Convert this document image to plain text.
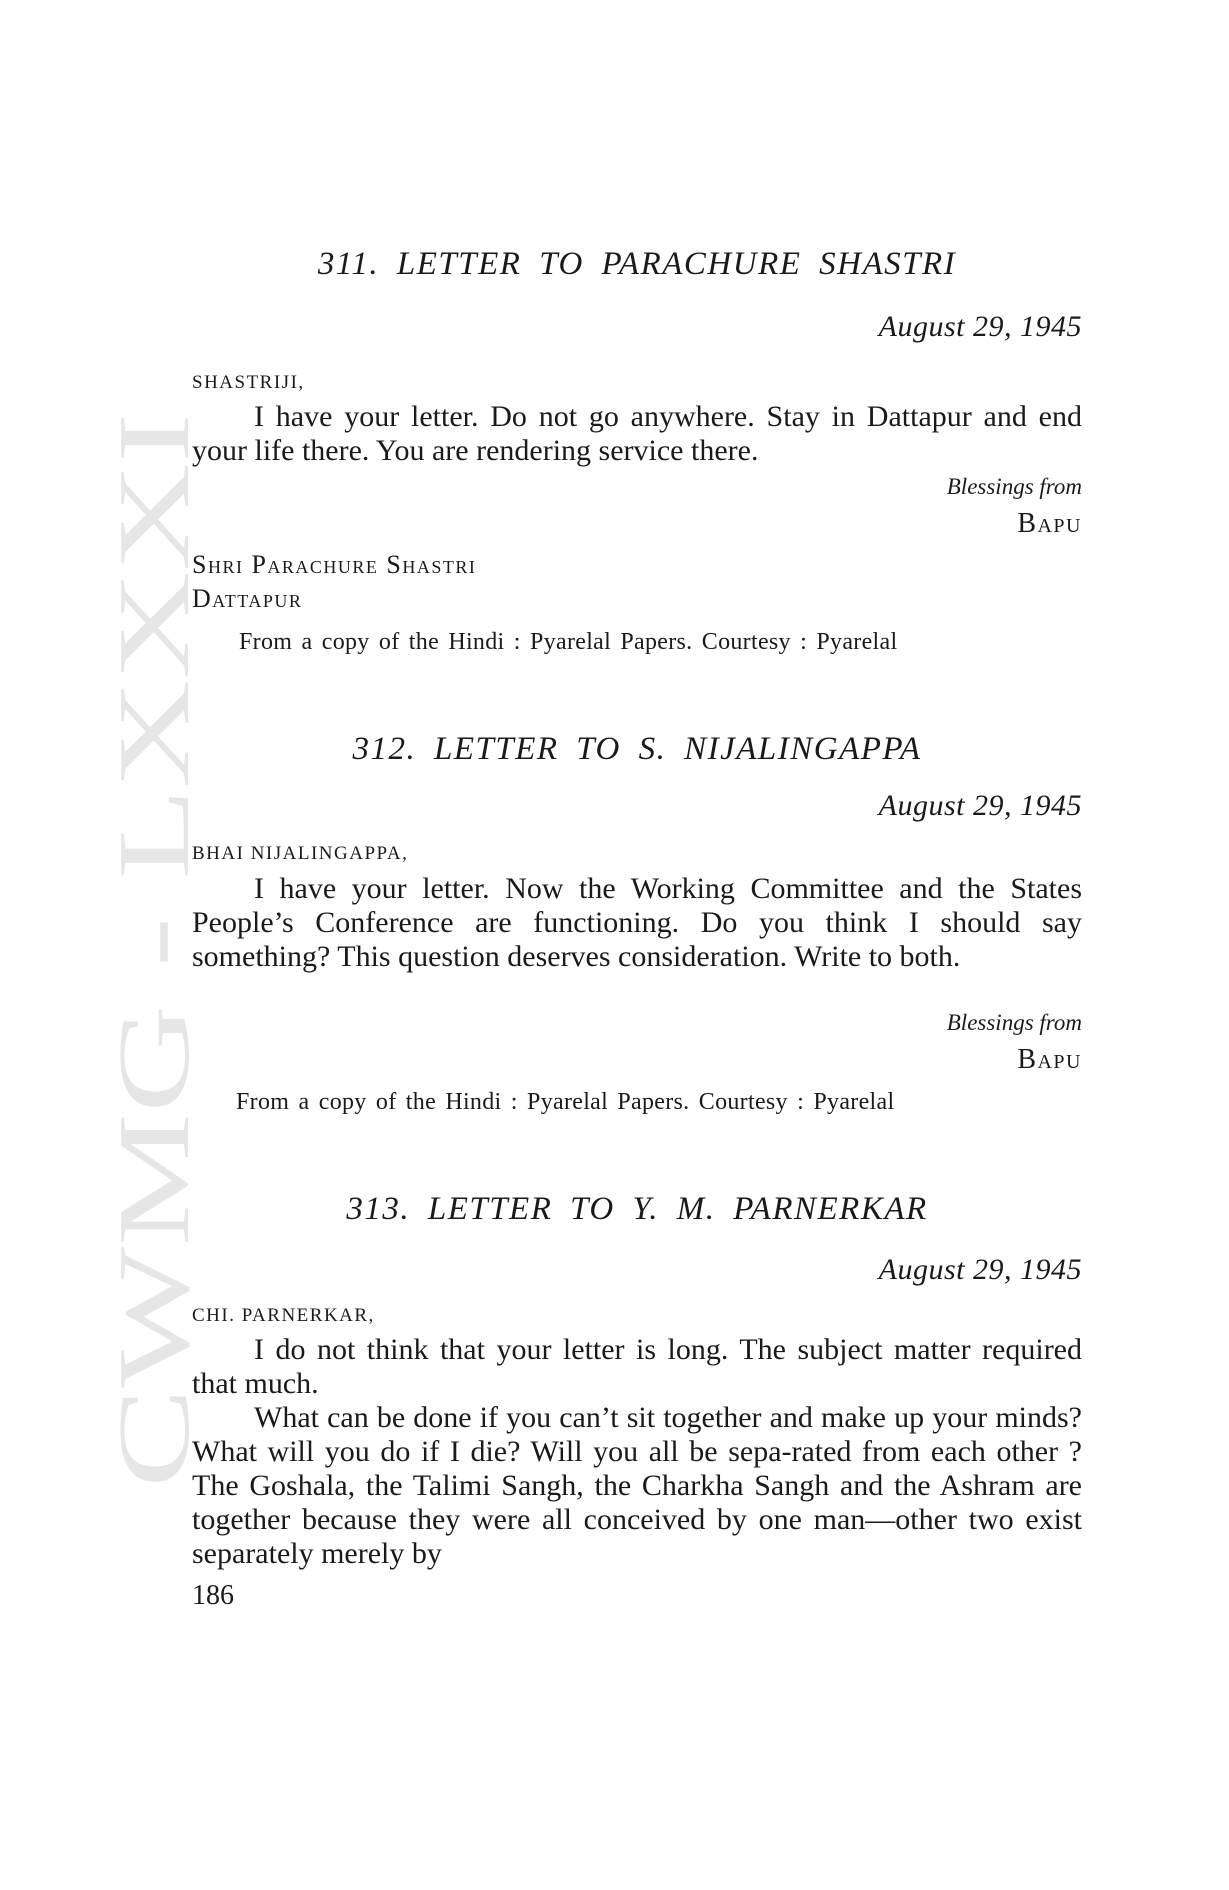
CWMG - LXXXI
311. LETTER TO PARACHURE SHASTRI
August 29, 1945
SHASTRIJI,

I have your letter. Do not go anywhere. Stay in Dattapur and end your life there. You are rendering service there.

Blessings from
Bapu
Shri Parachure Shastri
Dattapur
From a copy of the Hindi : Pyarelal Papers. Courtesy : Pyarelal
312. LETTER TO S. NIJALINGAPPA
August 29, 1945
BHAI NIJALINGAPPA,

I have your letter. Now the Working Committee and the States People’s Conference are functioning. Do you think I should say something? This question deserves consideration. Write to both.

Blessings from
Bapu
From a copy of the Hindi : Pyarelal Papers. Courtesy : Pyarelal
313. LETTER TO Y. M. PARNERKAR
August 29, 1945
CHI. PARNERKAR,

I do not think that your letter is long. The subject matter required that much.

What can be done if you can’t sit together and make up your minds? What will you do if I die? Will you all be sepa-rated from each other ? The Goshala, the Talimi Sangh, the Charkha Sangh and the Ashram are together because they were all conceived by one man—other two exist separately merely by

186
